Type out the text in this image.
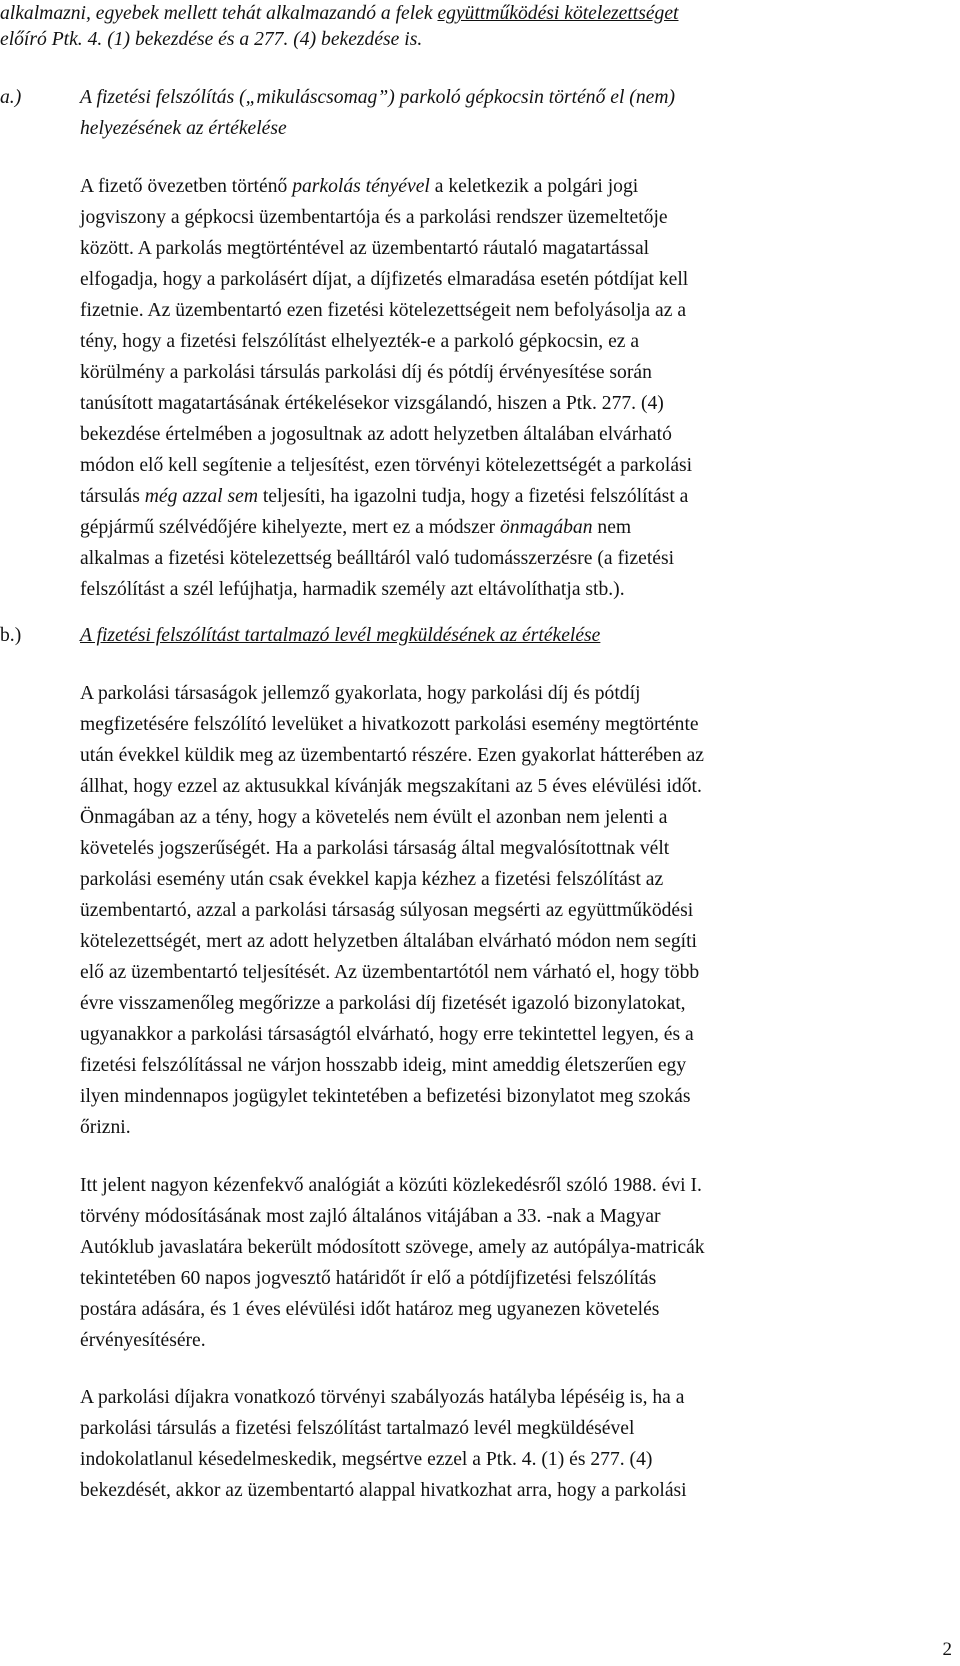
alkalmazni, egyebek mellett tehát alkalmazandó a felek együttműködési kötelezettséget
előíró Ptk. 4. (1) bekezdése és a 277. (4) bekezdése is.
a.)	A fizetési felszólítás („mikuláscsomag”) parkoló gépkocsin történő el (nem)
helyezésének az értékelése
A fizető övezetben történő parkolás tényével a keletkezik a polgári jogi
jogviszony a gépkocsi üzembentartója és a parkolási rendszer üzemeltetője
között. A parkolás megtörténtével az üzembentartó ráutaló magatartással
elfogadja, hogy a parkolásért díjat, a díjfizetés elmaradása esetén pótdíjat kell
fizetnie. Az üzembentartó ezen fizetési kötelezettségeit nem befolyásolja az a
tény, hogy a fizetési felszólítást elhelyezték-e a parkoló gépkocsin, ez a
körülmény a parkolási társulás parkolási díj és pótdíj érvényesítése során
tanúsított magatartásának értékelésekor vizsgálandó, hiszen a Ptk. 277. (4)
bekezdése értelmében a jogosultnak az adott helyzetben általában elvárható
módon elő kell segítenie a teljesítést, ezen törvényi kötelezettségét a parkolási
társulás még azzal sem teljesíti, ha igazolni tudja, hogy a fizetési felszólítást a
gépjármű szélvédőjére kihelyezte, mert ez a módszer önmagában nem
alkalmas a fizetési kötelezettség beálltáról való tudomásszerzésre (a fizetési
felszólítást a szél lefújhatja, harmadik személy azt eltávolíthatja stb.).
b.)	A fizetési felszólítást tartalmazó levél megküldésének az értékelése
A parkolási társaságok jellemző gyakorlata, hogy parkolási díj és pótdíj
megfizetésére felszólító levelüket a hivatkozott parkolási esemény megtörténte
után évekkel küldik meg az üzembentartó részére. Ezen gyakorlat hátterében az
állhat, hogy ezzel az aktusukkal kívánják megszakítani az 5 éves elévülési időt.
Önmagában az a tény, hogy a követelés nem évült el azonban nem jelenti a
követelés jogszerűségét. Ha a parkolási társaság által megvalósítottnak vélt
parkolási esemény után csak évekkel kapja kézhez a fizetési felszólítást az
üzembentartó, azzal a parkolási társaság súlyosan megsérti az együttműködési
kötelezettségét, mert az adott helyzetben általában elvárható módon nem segíti
elő az üzembentartó teljesítését. Az üzembentartótól nem várható el, hogy több
évre visszamenőleg megőrizze a parkolási díj fizetését igazoló bizonylatokat,
ugyanakkor a parkolási társaságtól elvárható, hogy erre tekintettel legyen, és a
fizetési felszólítással ne várjon hosszabb ideig, mint ameddig életszerűen egy
ilyen mindennapos jogügylet tekintetében a befizetési bizonylatot meg szokás
őrizni.
Itt jelent nagyon kézenfekvő analógiát a közúti közlekedésről szóló 1988. évi I.
törvény módosításának most zajló általános vitájában a 33. -nak a Magyar
Autóklub javaslatára bekerült módosított szövege, amely az autópálya-matricák
tekintetében 60 napos jogvesztő határidőt ír elő a pótdíjfizetési felszólítás
postára adására, és 1 éves elévülési időt határoz meg ugyanezen követelés
érvényesítésére.
A parkolási díjakra vonatkozó törvényi szabályozás hatályba lépéséig is, ha a
parkolási társulás a fizetési felszólítást tartalmazó levél megküldésével
indokolatlanul késedelmeskedik, megsértve ezzel a Ptk. 4. (1) és 277. (4)
bekezdését, akkor az üzembentartó alappal hivatkozhat arra, hogy a parkolási
2
